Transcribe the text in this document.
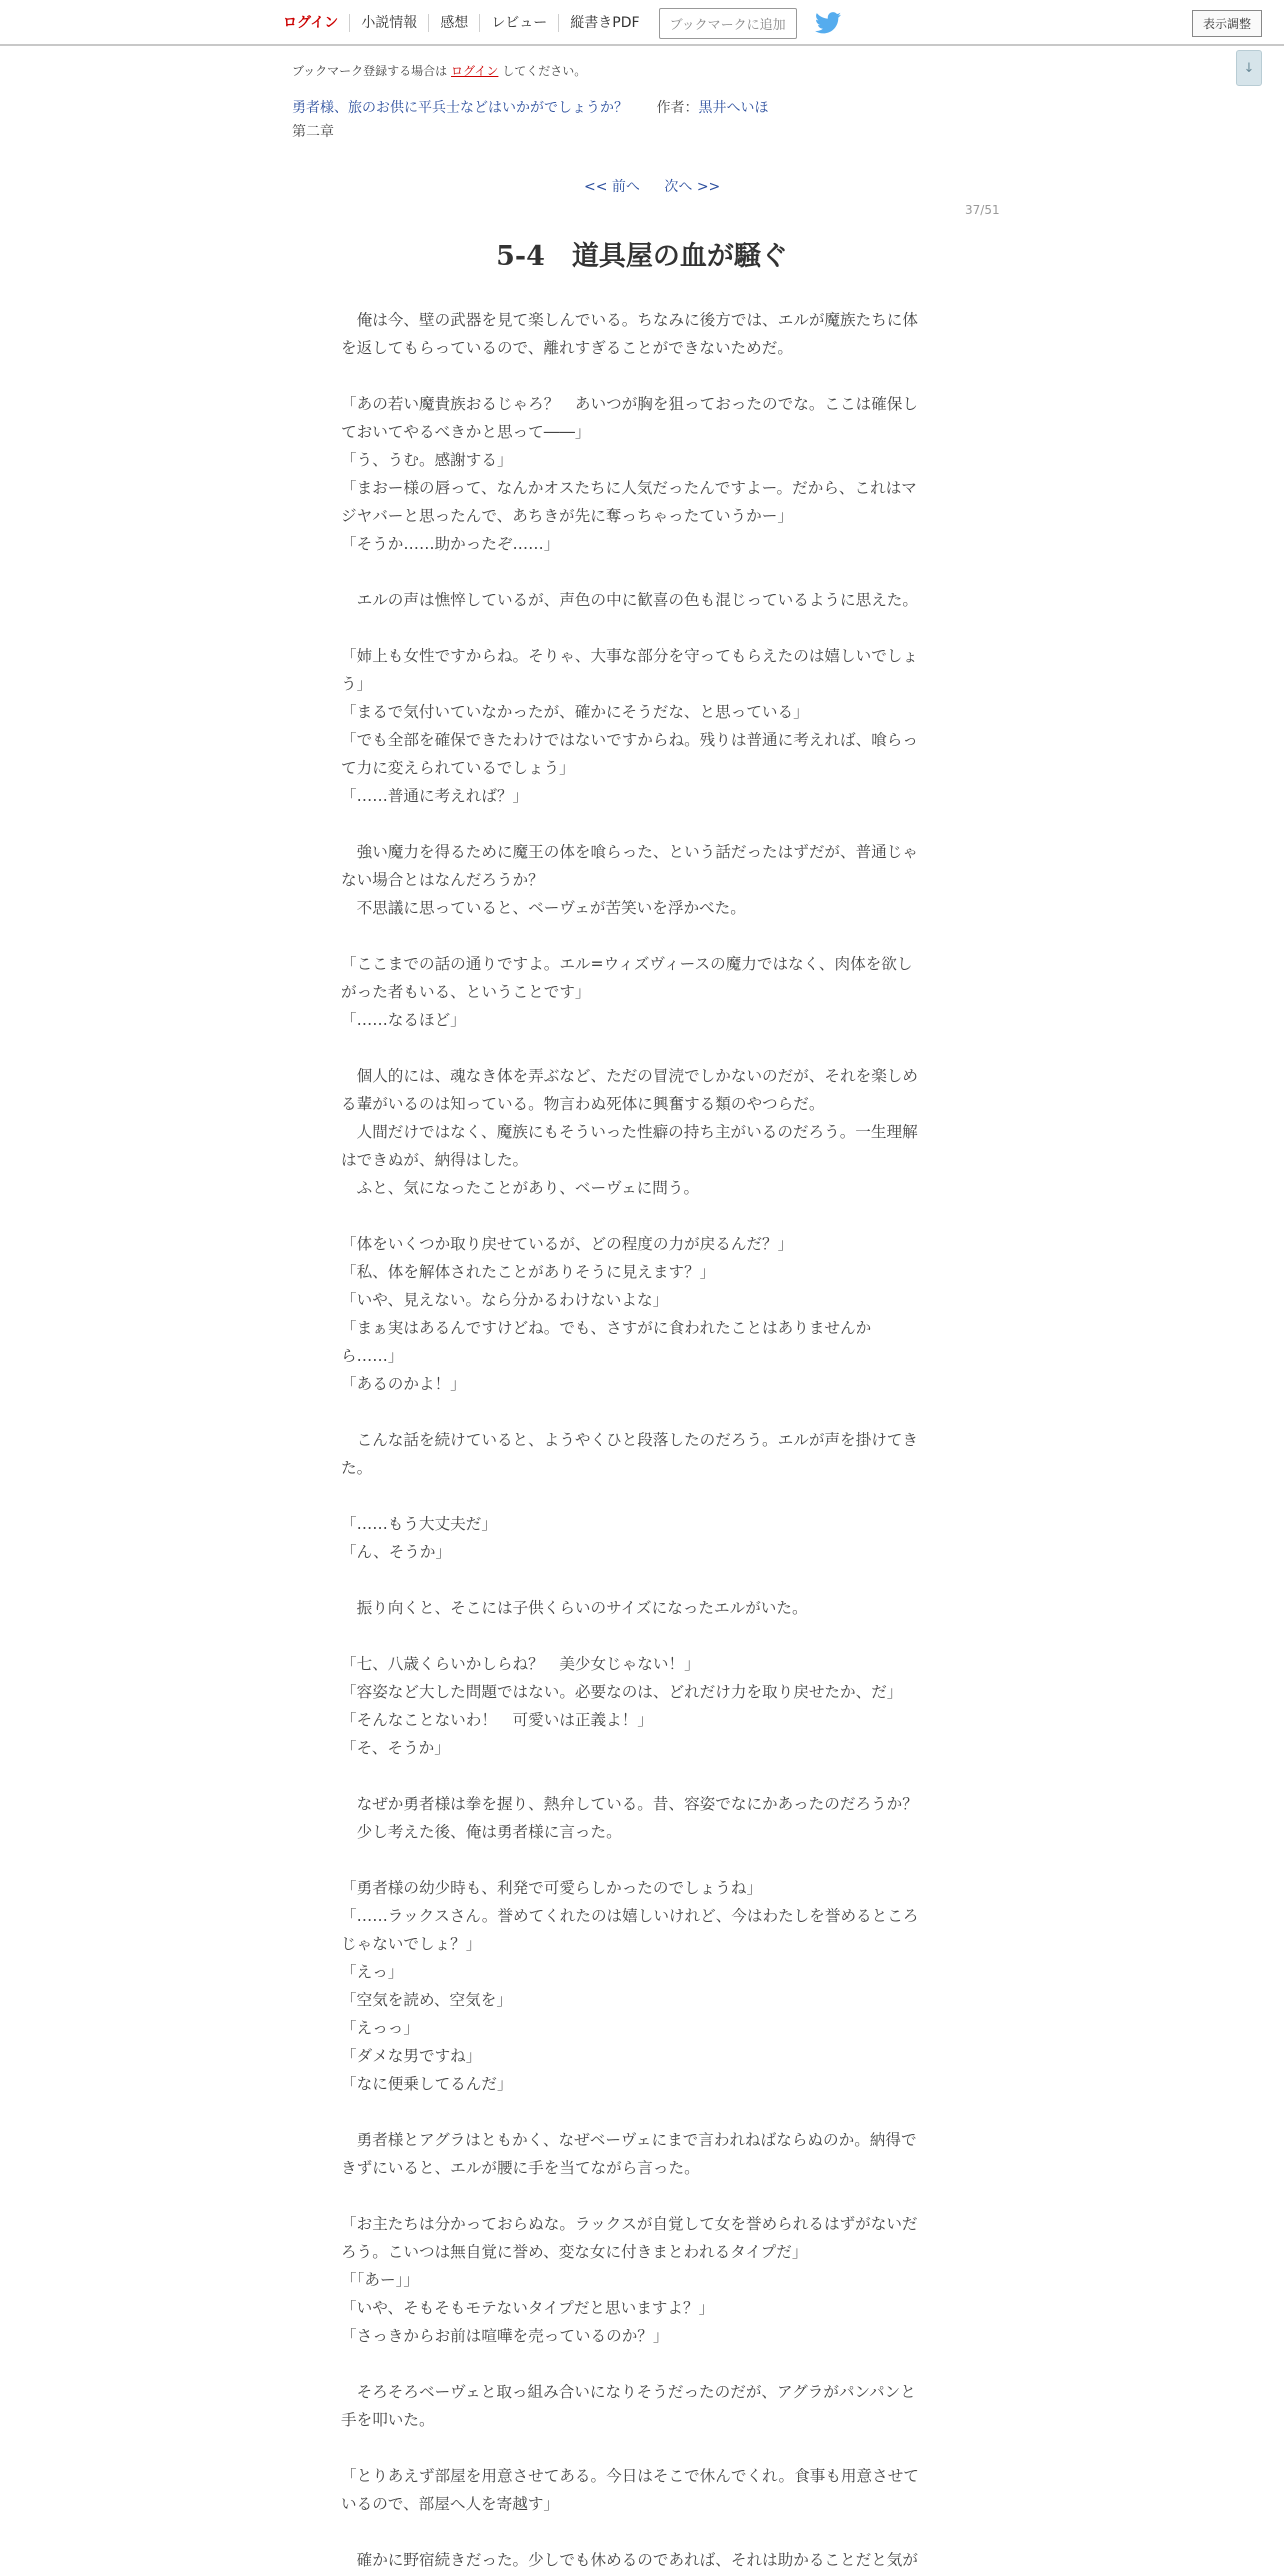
ログイン	小説情報	感想	レビュー	縦書きPDF	ブックマークに追加	表示調整
↓
ブックマーク登録する場合は ログイン してください。
勇者様、旅のお供に平兵士などはいかがでしょうか？ 作者：黒井へいほ
第二章
<< 前へ 次へ >>
37/51
5-4　道具屋の血が騒ぐ

　俺は今、壁の武器を見て楽しんでいる。ちなみに後方では、エルが魔族たちに体

を返してもらっているので、離れすぎることができないためだ。

「あの若い魔貴族おるじゃろ？　あいつが胸を狙っておったのでな。ここは確保し

ておいてやるべきかと思って――」

「う、うむ。感謝する」

「まおー様の唇って、なんかオスたちに人気だったんですよー。だから、これはマ

ジヤバーと思ったんで、あちきが先に奪っちゃったていうかー」

「そうか……助かったぞ……」

　エルの声は憔悴しているが、声色の中に歓喜の色も混じっているように思えた。

「姉上も女性ですからね。そりゃ、大事な部分を守ってもらえたのは嬉しいでしょ

う」

「まるで気付いていなかったが、確かにそうだな、と思っている」

「でも全部を確保できたわけではないですからね。残りは普通に考えれば、喰らっ

て力に変えられているでしょう」

「……普通に考えれば？」

　強い魔力を得るために魔王の体を喰らった、という話だったはずだが、普通じゃ

ない場合とはなんだろうか？

　不思議に思っていると、ベーヴェが苦笑いを浮かべた。

「ここまでの話の通りですよ。エル=ウィズヴィースの魔力ではなく、肉体を欲し

がった者もいる、ということです」

「……なるほど」

　個人的には、魂なき体を弄ぶなど、ただの冒涜でしかないのだが、それを楽しめ

る輩がいるのは知っている。物言わぬ死体に興奮する類のやつらだ。

　人間だけではなく、魔族にもそういった性癖の持ち主がいるのだろう。一生理解

はできぬが、納得はした。

　ふと、気になったことがあり、ベーヴェに問う。

「体をいくつか取り戻せているが、どの程度の力が戻るんだ？」

「私、体を解体されたことがありそうに見えます？」

「いや、見えない。なら分かるわけないよな」

「まぁ実はあるんですけどね。でも、さすがに食われたことはありませんか

ら……」

「あるのかよ！」

　こんな話を続けていると、ようやくひと段落したのだろう。エルが声を掛けてき

た。

「……もう大丈夫だ」

「ん、そうか」

　振り向くと、そこには子供くらいのサイズになったエルがいた。

「七、八歳くらいかしらね？　美少女じゃない！」

「容姿など大した問題ではない。必要なのは、どれだけ力を取り戻せたか、だ」

「そんなことないわ！　可愛いは正義よ！」

「そ、そうか」

　なぜか勇者様は拳を握り、熱弁している。昔、容姿でなにかあったのだろうか？

　少し考えた後、俺は勇者様に言った。

「勇者様の幼少時も、利発で可愛らしかったのでしょうね」

「……ラックスさん。誉めてくれたのは嬉しいけれど、今はわたしを誉めるところ

じゃないでしょ？」

「えっ」

「空気を読め、空気を」

「えっっ」

「ダメな男ですね」

「なに便乗してるんだ」

　勇者様とアグラはともかく、なぜベーヴェにまで言われねばならぬのか。納得で

きずにいると、エルが腰に手を当てながら言った。

「お主たちは分かっておらぬな。ラックスが自覚して女を誉められるはずがないだ

ろう。こいつは無自覚に誉め、変な女に付きまとわれるタイプだ」

「「あー」」

「いや、そもそもモテないタイプだと思いますよ？」

「さっきからお前は喧嘩を売っているのか？」

　そろそろベーヴェと取っ組み合いになりそうだったのだが、アグラがパンパンと

手を叩いた。

「とりあえず部屋を用意させてある。今日はそこで休んでくれ。食事も用意させて

いるので、部屋へ人を寄越す」

　確かに野宿続きだった。少しでも休めるのであれば、それは助かることだと気が
